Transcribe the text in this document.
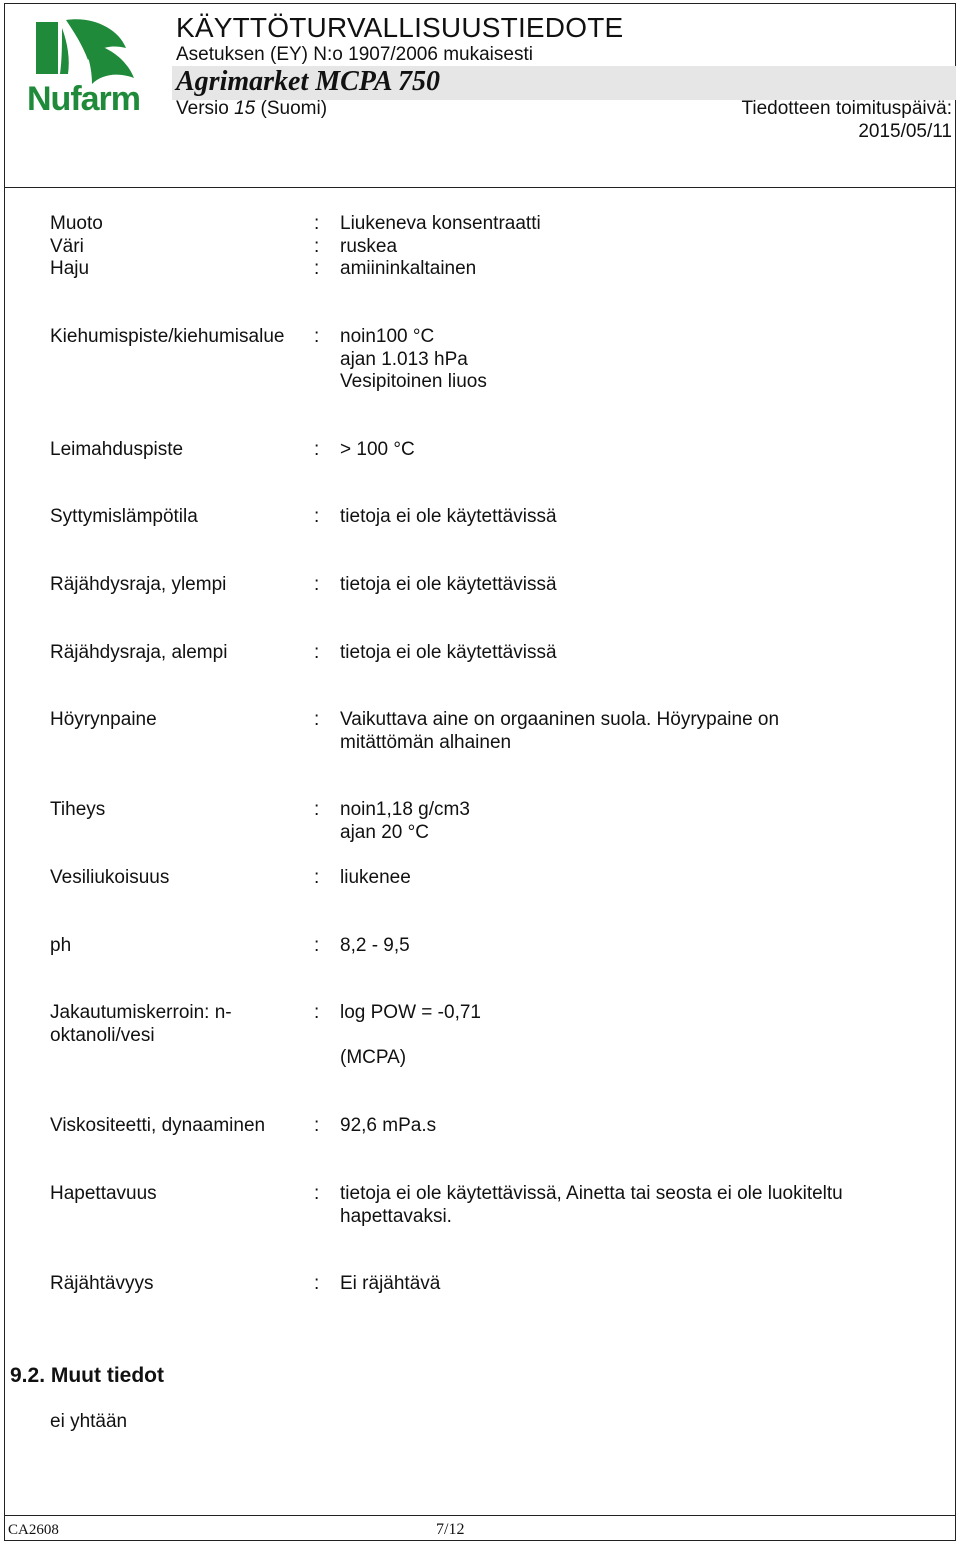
Nufarm
KÄYTTÖTURVALLISUUSTIEDOTE
Asetuksen (EY) N:o 1907/2006 mukaisesti
Agrimarket MCPA 750
Versio 15 (Suomi)	Tiedotteen toimituspäivä:
2015/05/11
Muoto	: Liukeneva konsentraatti
Väri	: ruskea
Haju	: amiininkaltainen
Kiehumispiste/kiehumisalue	: noin100 °C
ajan 1.013 hPa
Vesipitoinen liuos
Leimahduspiste	: > 100 °C
Syttymislämpötila	: tietoja ei ole käytettävissä
Räjähdysraja, ylempi	: tietoja ei ole käytettävissä
Räjähdysraja, alempi	: tietoja ei ole käytettävissä
Höyrynpaine	: Vaikuttava aine on orgaaninen suola. Höyrypaine on
mitättömän alhainen
Tiheys	: noin1,18 g/cm3
ajan 20 °C
Vesiliukoisuus	: liukenee
ph	: 8,2 - 9,5
Jakautumiskerroin: n-
oktanoli/vesi
: log POW = -0,71
(MCPA)
Viskositeetti, dynaaminen	: 92,6 mPa.s
Hapettavuus	: tietoja ei ole käytettävissä, Ainetta tai seosta ei ole luokiteltu
hapettavaksi.
Räjähtävyys	: Ei räjähtävä
9.2. Muut tiedot
ei yhtään
CA2608	7/12
